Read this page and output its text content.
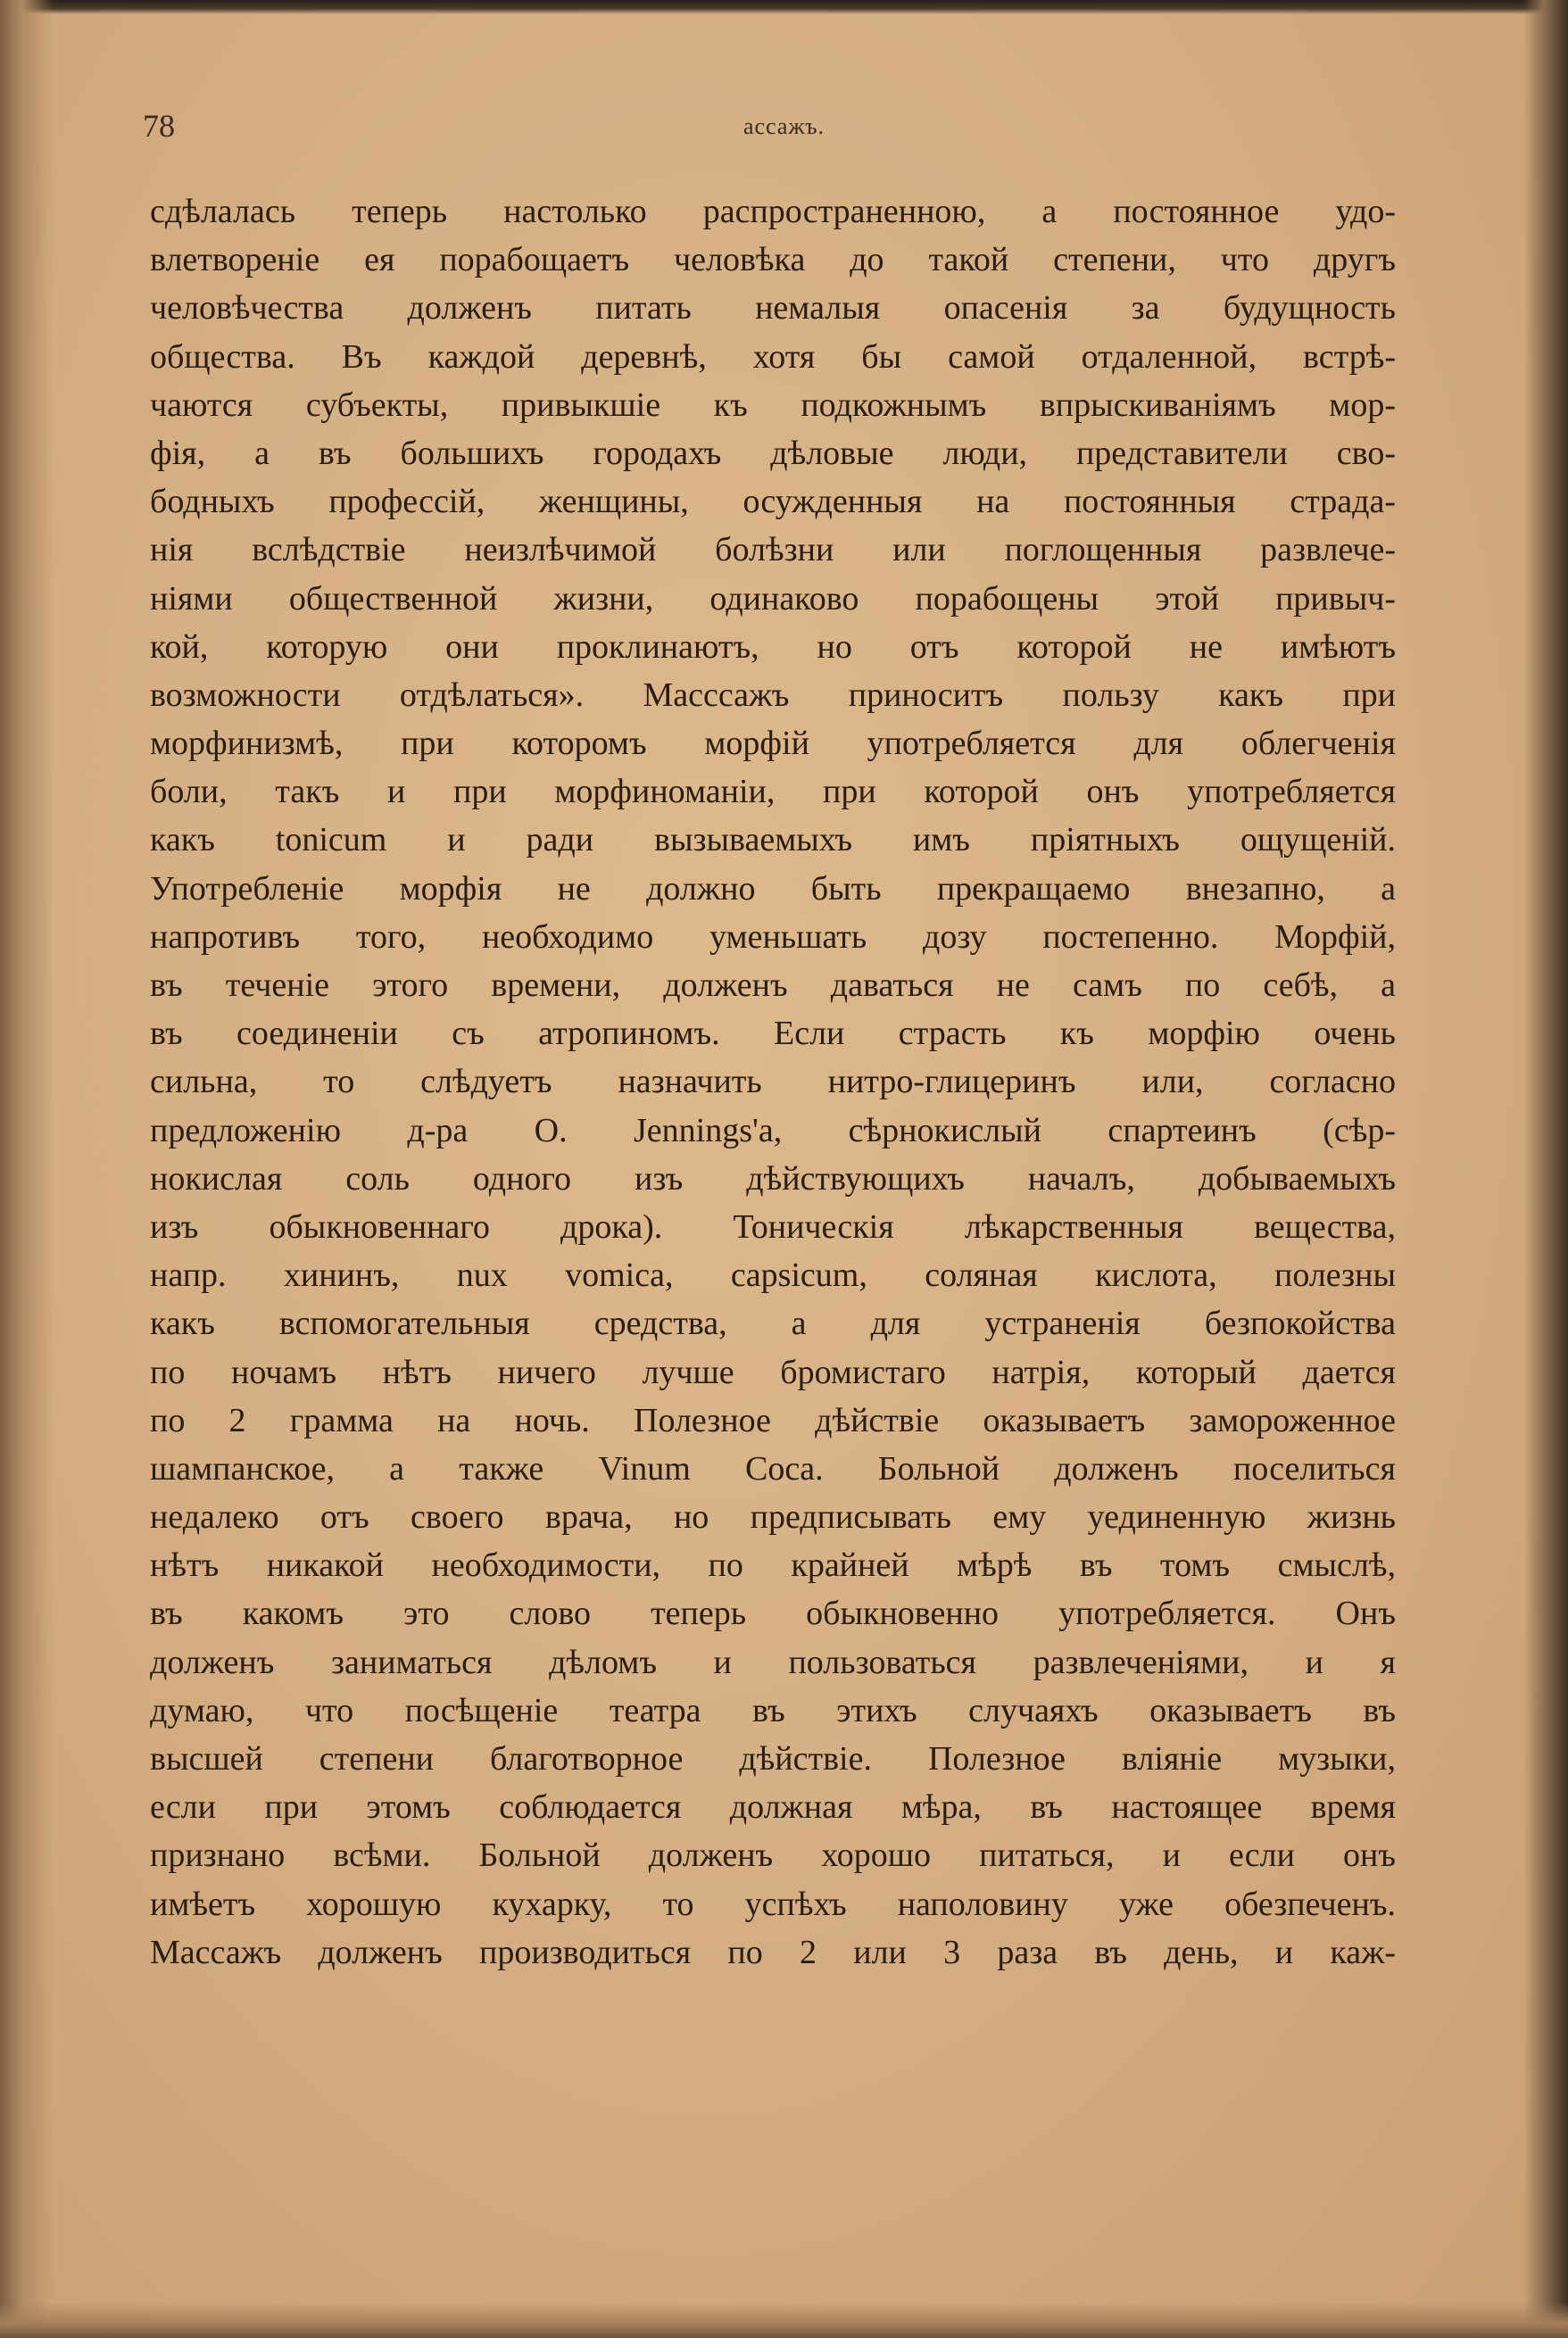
78	ассажъ.
сдѣлалась теперь настолько распространенною, а постоянное удо-
влетвореніе ея порабощаетъ человѣка до такой степени, что другъ
человѣчества долженъ питать немалыя опасенія за будущность
общества. Въ каждой деревнѣ, хотя бы самой отдаленной, встрѣ-
чаются субъекты, привыкшіе къ подкожнымъ впрыскиваніямъ мор-
фія, а въ большихъ городахъ дѣловые люди, представители сво-
бодныхъ профессій, женщины, осужденныя на постоянныя страда-
нія вслѣдствіе неизлѣчимой болѣзни или поглощенныя развлече-
ніями общественной жизни, одинаково порабощены этой привыч-
кой, которую они проклинаютъ, но отъ которой не имѣютъ
возможности отдѣлаться». Масссажъ приноситъ пользу какъ при
морфинизмѣ, при которомъ морфій употребляется для облегченія
боли, такъ и при морфиноманіи, при которой онъ употребляется
какъ tonicum и ради вызываемыхъ имъ пріятныхъ ощущеній.
Употребленіе морфія не должно быть прекращаемо внезапно, а
напротивъ того, необходимо уменьшать дозу постепенно. Морфій,
въ теченіе этого времени, долженъ даваться не самъ по себѣ, а
въ соединеніи съ атропиномъ. Если страсть къ морфію очень
сильна, то слѣдуетъ назначить нитро-глицеринъ или, согласно
предложенію д-ра O. Jennings'a, сѣрнокислый спартеинъ (сѣр-
нокислая соль одного изъ дѣйствующихъ началъ, добываемыхъ
изъ обыкновеннаго дрока). Тоническія лѣкарственныя вещества,
напр. хининъ, nux vomica, capsicum, соляная кислота, полезны
какъ вспомогательныя средства, а для устраненія безпокойства
по ночамъ нѣтъ ничего лучше бромистаго натрія, который дается
по 2 грамма на ночь. Полезное дѣйствіе оказываетъ замороженное
шампанское, а также Vinum Coca. Больной долженъ поселиться
недалеко отъ своего врача, но предписывать ему уединенную жизнь
нѣтъ никакой необходимости, по крайней мѣрѣ въ томъ смыслѣ,
въ какомъ это слово теперь обыкновенно употребляется. Онъ
долженъ заниматься дѣломъ и пользоваться развлеченіями, и я
думаю, что посѣщеніе театра въ этихъ случаяхъ оказываетъ въ
высшей степени благотворное дѣйствіе. Полезное вліяніе музыки,
если при этомъ соблюдается должная мѣра, въ настоящее время
признано всѣми. Больной долженъ хорошо питаться, и если онъ
имѣетъ хорошую кухарку, то успѣхъ наполовину уже обезпеченъ.
Массажъ долженъ производиться по 2 или 3 раза въ день, и каж-
